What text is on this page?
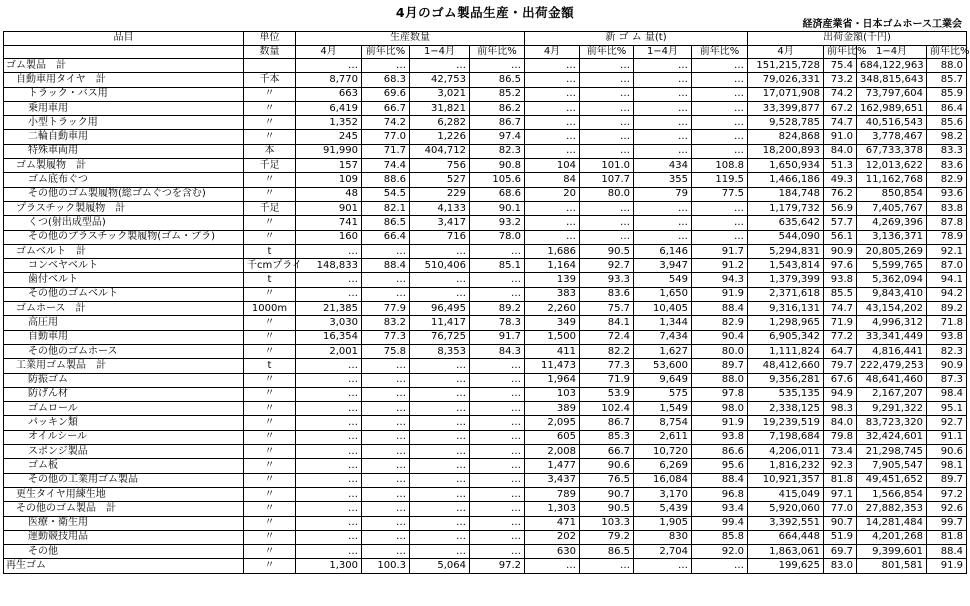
4月のゴム製品生産・出荷金額
経済産業省・日本ゴムホース工業会
品目	単位	生産数量				新 ゴ ム 量(t)				出荷金額(千円)			
	数量	4月	前年比%	1−4月	前年比%	4月	前年比%	1−4月	前年比%	4月	前年比%	1−4月	前年比%
ゴム製品　計		…	…	…	…	…	…	…	…	151,215,728	75.4	684,122,963	88.0
自動車用タイヤ　計	千本	8,770	68.3	42,753	86.5	…	…	…	…	79,026,331	73.2	348,815,643	85.7
トラック・バス用	〃	663	69.6	3,021	85.2	…	…	…	…	17,071,908	74.2	73,797,604	85.9
乗用車用	〃	6,419	66.7	31,821	86.2	…	…	…	…	33,399,877	67.2	162,989,651	86.4
小型トラック用	〃	1,352	74.2	6,282	86.7	…	…	…	…	9,528,785	74.7	40,516,543	85.6
二輪自動車用	〃	245	77.0	1,226	97.4	…	…	…	…	824,868	91.0	3,778,467	98.2
特殊車両用	本	91,990	71.7	404,712	82.3	…	…	…	…	18,200,893	84.0	67,733,378	83.3
ゴム製履物　計	千足	157	74.4	756	90.8	104	101.0	434	108.8	1,650,934	51.3	12,013,622	83.6
ゴム底布ぐつ	〃	109	88.6	527	105.6	84	107.7	355	119.5	1,466,186	49.3	11,162,768	82.9
その他のゴム製履物(総ゴムぐつを含む)	〃	48	54.5	229	68.6	20	80.0	79	77.5	184,748	76.2	850,854	93.6
プラスチック製履物　計	千足	901	82.1	4,133	90.1	…	…	…	…	1,179,732	56.9	7,405,767	83.8
くつ(射出成型品)	〃	741	86.5	3,417	93.2	…	…	…	…	635,642	57.7	4,269,396	87.8
その他のプラスチック製履物(ゴム・プラ)	〃	160	66.4	716	78.0	…	…	…	…	544,090	56.1	3,136,371	78.9
ゴムベルト　計	t	…	…	…	…	1,686	90.5	6,146	91.7	5,294,831	90.9	20,805,269	92.1
コンベヤベルト	千cmプライ	148,833	88.4	510,406	85.1	1,164	92.7	3,947	91.2	1,543,814	97.6	5,599,765	87.0
歯付ベルト	t	…	…	…	…	139	93.3	549	94.3	1,379,399	93.8	5,362,094	94.1
その他のゴムベルト	〃	…	…	…	…	383	83.6	1,650	91.9	2,371,618	85.5	9,843,410	94.2
ゴムホース　計	1000m	21,385	77.9	96,495	89.2	2,260	75.7	10,405	88.4	9,316,131	74.7	43,154,202	89.2
高圧用	〃	3,030	83.2	11,417	78.3	349	84.1	1,344	82.9	1,298,965	71.9	4,996,312	71.8
自動車用	〃	16,354	77.3	76,725	91.7	1,500	72.4	7,434	90.4	6,905,342	77.2	33,341,449	93.8
その他のゴムホース	〃	2,001	75.8	8,353	84.3	411	82.2	1,627	80.0	1,111,824	64.7	4,816,441	82.3
工業用ゴム製品　計	t	…	…	…	…	11,473	77.3	53,600	89.7	48,412,660	79.7	222,479,253	90.9
防振ゴム	〃	…	…	…	…	1,964	71.9	9,649	88.0	9,356,281	67.6	48,641,460	87.3
防げん材	〃	…	…	…	…	103	53.9	575	97.8	535,135	94.9	2,167,207	98.4
ゴムロール	〃	…	…	…	…	389	102.4	1,549	98.0	2,338,125	98.3	9,291,322	95.1
パッキン類	〃	…	…	…	…	2,095	86.7	8,754	91.9	19,239,519	84.0	83,723,320	92.7
オイルシール	〃	…	…	…	…	605	85.3	2,611	93.8	7,198,684	79.8	32,424,601	91.1
スポンジ製品	〃	…	…	…	…	2,008	66.7	10,720	86.6	4,206,011	73.4	21,298,745	90.6
ゴム板	〃	…	…	…	…	1,477	90.6	6,269	95.6	1,816,232	92.3	7,905,547	98.1
その他の工業用ゴム製品	〃	…	…	…	…	3,437	76.5	16,084	88.4	10,921,357	81.8	49,451,652	89.7
更生タイヤ用練生地	〃	…	…	…	…	789	90.7	3,170	96.8	415,049	97.1	1,566,854	97.2
その他のゴム製品　計	〃	…	…	…	…	1,303	90.5	5,439	93.4	5,920,060	77.0	27,882,353	92.6
医療・衛生用	〃	…	…	…	…	471	103.3	1,905	99.4	3,392,551	90.7	14,281,484	99.7
運動競技用品	〃	…	…	…	…	202	79.2	830	85.8	664,448	51.9	4,201,268	81.8
その他	〃	…	…	…	…	630	86.5	2,704	92.0	1,863,061	69.7	9,399,601	88.4
再生ゴム	〃	1,300	100.3	5,064	97.2	…	…	…	…	199,625	83.0	801,581	91.9
